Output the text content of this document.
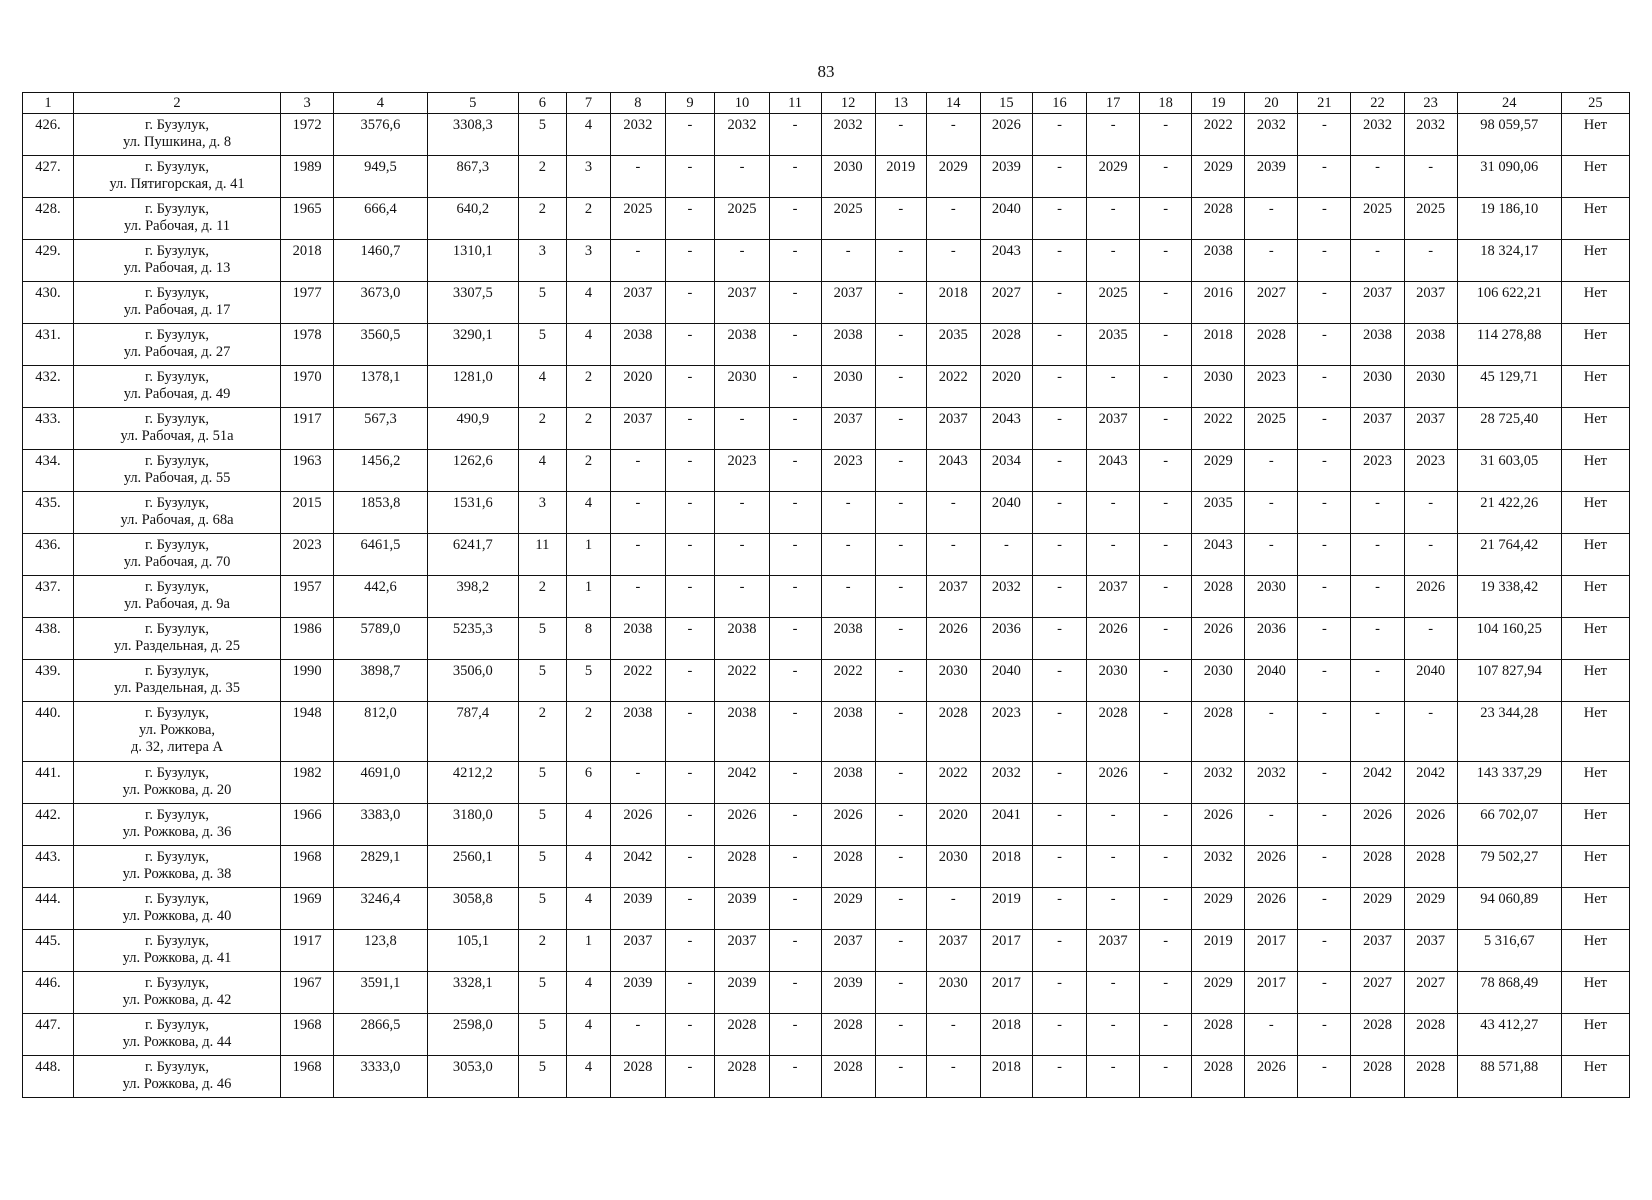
83
1	2	3	4	5	6	7	8	9	10	11	12	13	14	15	16	17	18	19	20	21	22	23	24	25
426.	г. Бузулук,
ул. Пушкина, д. 8	1972	3576,6	3308,3	5	4	2032	-	2032	-	2032	-	-	2026	-	-	-	2022	2032	-	2032	2032	98 059,57	Нет
427.	г. Бузулук,
ул. Пятигорская, д. 41	1989	949,5	867,3	2	3	-	-	-	-	2030	2019	2029	2039	-	2029	-	2029	2039	-	-	-	31 090,06	Нет
428.	г. Бузулук,
ул. Рабочая, д. 11	1965	666,4	640,2	2	2	2025	-	2025	-	2025	-	-	2040	-	-	-	2028	-	-	2025	2025	19 186,10	Нет
429.	г. Бузулук,
ул. Рабочая, д. 13	2018	1460,7	1310,1	3	3	-	-	-	-	-	-	-	2043	-	-	-	2038	-	-	-	-	18 324,17	Нет
430.	г. Бузулук,
ул. Рабочая, д. 17	1977	3673,0	3307,5	5	4	2037	-	2037	-	2037	-	2018	2027	-	2025	-	2016	2027	-	2037	2037	106 622,21	Нет
431.	г. Бузулук,
ул. Рабочая, д. 27	1978	3560,5	3290,1	5	4	2038	-	2038	-	2038	-	2035	2028	-	2035	-	2018	2028	-	2038	2038	114 278,88	Нет
432.	г. Бузулук,
ул. Рабочая, д. 49	1970	1378,1	1281,0	4	2	2020	-	2030	-	2030	-	2022	2020	-	-	-	2030	2023	-	2030	2030	45 129,71	Нет
433.	г. Бузулук,
ул. Рабочая, д. 51а	1917	567,3	490,9	2	2	2037	-	-	-	2037	-	2037	2043	-	2037	-	2022	2025	-	2037	2037	28 725,40	Нет
434.	г. Бузулук,
ул. Рабочая, д. 55	1963	1456,2	1262,6	4	2	-	-	2023	-	2023	-	2043	2034	-	2043	-	2029	-	-	2023	2023	31 603,05	Нет
435.	г. Бузулук,
ул. Рабочая, д. 68а	2015	1853,8	1531,6	3	4	-	-	-	-	-	-	-	2040	-	-	-	2035	-	-	-	-	21 422,26	Нет
436.	г. Бузулук,
ул. Рабочая, д. 70	2023	6461,5	6241,7	11	1	-	-	-	-	-	-	-	-	-	-	-	2043	-	-	-	-	21 764,42	Нет
437.	г. Бузулук,
ул. Рабочая, д. 9а	1957	442,6	398,2	2	1	-	-	-	-	-	-	2037	2032	-	2037	-	2028	2030	-	-	2026	19 338,42	Нет
438.	г. Бузулук,
ул. Раздельная, д. 25	1986	5789,0	5235,3	5	8	2038	-	2038	-	2038	-	2026	2036	-	2026	-	2026	2036	-	-	-	104 160,25	Нет
439.	г. Бузулук,
ул. Раздельная, д. 35	1990	3898,7	3506,0	5	5	2022	-	2022	-	2022	-	2030	2040	-	2030	-	2030	2040	-	-	2040	107 827,94	Нет
440.	г. Бузулук,
ул. Рожкова,
д. 32, литера А	1948	812,0	787,4	2	2	2038	-	2038	-	2038	-	2028	2023	-	2028	-	2028	-	-	-	-	23 344,28	Нет
441.	г. Бузулук,
ул. Рожкова, д. 20	1982	4691,0	4212,2	5	6	-	-	2042	-	2038	-	2022	2032	-	2026	-	2032	2032	-	2042	2042	143 337,29	Нет
442.	г. Бузулук,
ул. Рожкова, д. 36	1966	3383,0	3180,0	5	4	2026	-	2026	-	2026	-	2020	2041	-	-	-	2026	-	-	2026	2026	66 702,07	Нет
443.	г. Бузулук,
ул. Рожкова, д. 38	1968	2829,1	2560,1	5	4	2042	-	2028	-	2028	-	2030	2018	-	-	-	2032	2026	-	2028	2028	79 502,27	Нет
444.	г. Бузулук,
ул. Рожкова, д. 40	1969	3246,4	3058,8	5	4	2039	-	2039	-	2029	-	-	2019	-	-	-	2029	2026	-	2029	2029	94 060,89	Нет
445.	г. Бузулук,
ул. Рожкова, д. 41	1917	123,8	105,1	2	1	2037	-	2037	-	2037	-	2037	2017	-	2037	-	2019	2017	-	2037	2037	5 316,67	Нет
446.	г. Бузулук,
ул. Рожкова, д. 42	1967	3591,1	3328,1	5	4	2039	-	2039	-	2039	-	2030	2017	-	-	-	2029	2017	-	2027	2027	78 868,49	Нет
447.	г. Бузулук,
ул. Рожкова, д. 44	1968	2866,5	2598,0	5	4	-	-	2028	-	2028	-	-	2018	-	-	-	2028	-	-	2028	2028	43 412,27	Нет
448.	г. Бузулук,
ул. Рожкова, д. 46	1968	3333,0	3053,0	5	4	2028	-	2028	-	2028	-	-	2018	-	-	-	2028	2026	-	2028	2028	88 571,88	Нет
